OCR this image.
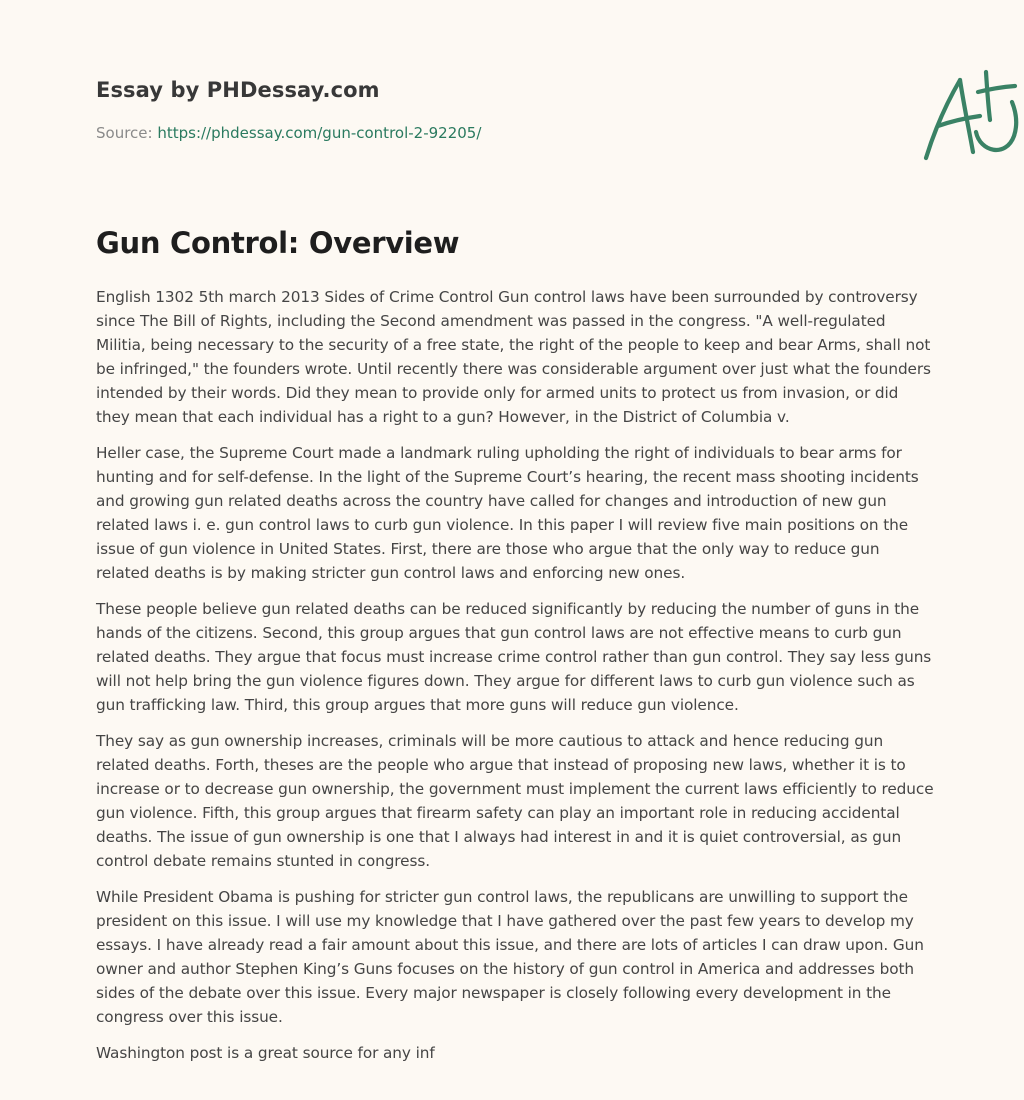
Essay by PHDessay.com
Source: https://phdessay.com/gun-control-2-92205/
Gun Control: Overview

English 1302 5th march 2013 Sides of Crime Control Gun control laws have been surrounded by controversy since The Bill of Rights, including the Second amendment was passed in the congress. "A well-regulated Militia, being necessary to the security of a free state, the right of the people to keep and bear Arms, shall not be infringed," the founders wrote. Until recently there was considerable argument over just what the founders intended by their words. Did they mean to provide only for armed units to protect us from invasion, or did they mean that each individual has a right to a gun? However, in the District of Columbia v.

Heller case, the Supreme Court made a landmark ruling upholding the right of individuals to bear arms for hunting and for self-defense. In the light of the Supreme Court’s hearing, the recent mass shooting incidents and growing gun related deaths across the country have called for changes and introduction of new gun related laws i. e. gun control laws to curb gun violence. In this paper I will review five main positions on the issue of gun violence in United States. First, there are those who argue that the only way to reduce gun related deaths is by making stricter gun control laws and enforcing new ones.

These people believe gun related deaths can be reduced significantly by reducing the number of guns in the hands of the citizens. Second, this group argues that gun control laws are not effective means to curb gun related deaths. They argue that focus must increase crime control rather than gun control. They say less guns will not help bring the gun violence figures down. They argue for different laws to curb gun violence such as gun trafficking law. Third, this group argues that more guns will reduce gun violence.

They say as gun ownership increases, criminals will be more cautious to attack and hence reducing gun related deaths. Forth, theses are the people who argue that instead of proposing new laws, whether it is to increase or to decrease gun ownership, the government must implement the current laws efficiently to reduce gun violence. Fifth, this group argues that firearm safety can play an important role in reducing accidental deaths. The issue of gun ownership is one that I always had interest in and it is quiet controversial, as gun control debate remains stunted in congress.

While President Obama is pushing for stricter gun control laws, the republicans are unwilling to support the president on this issue. I will use my knowledge that I have gathered over the past few years to develop my essays. I have already read a fair amount about this issue, and there are lots of articles I can draw upon. Gun owner and author Stephen King’s Guns focuses on the history of gun control in America and addresses both sides of the debate over this issue. Every major newspaper is closely following every development in the congress over this issue.

Washington post is a great source for any inf
